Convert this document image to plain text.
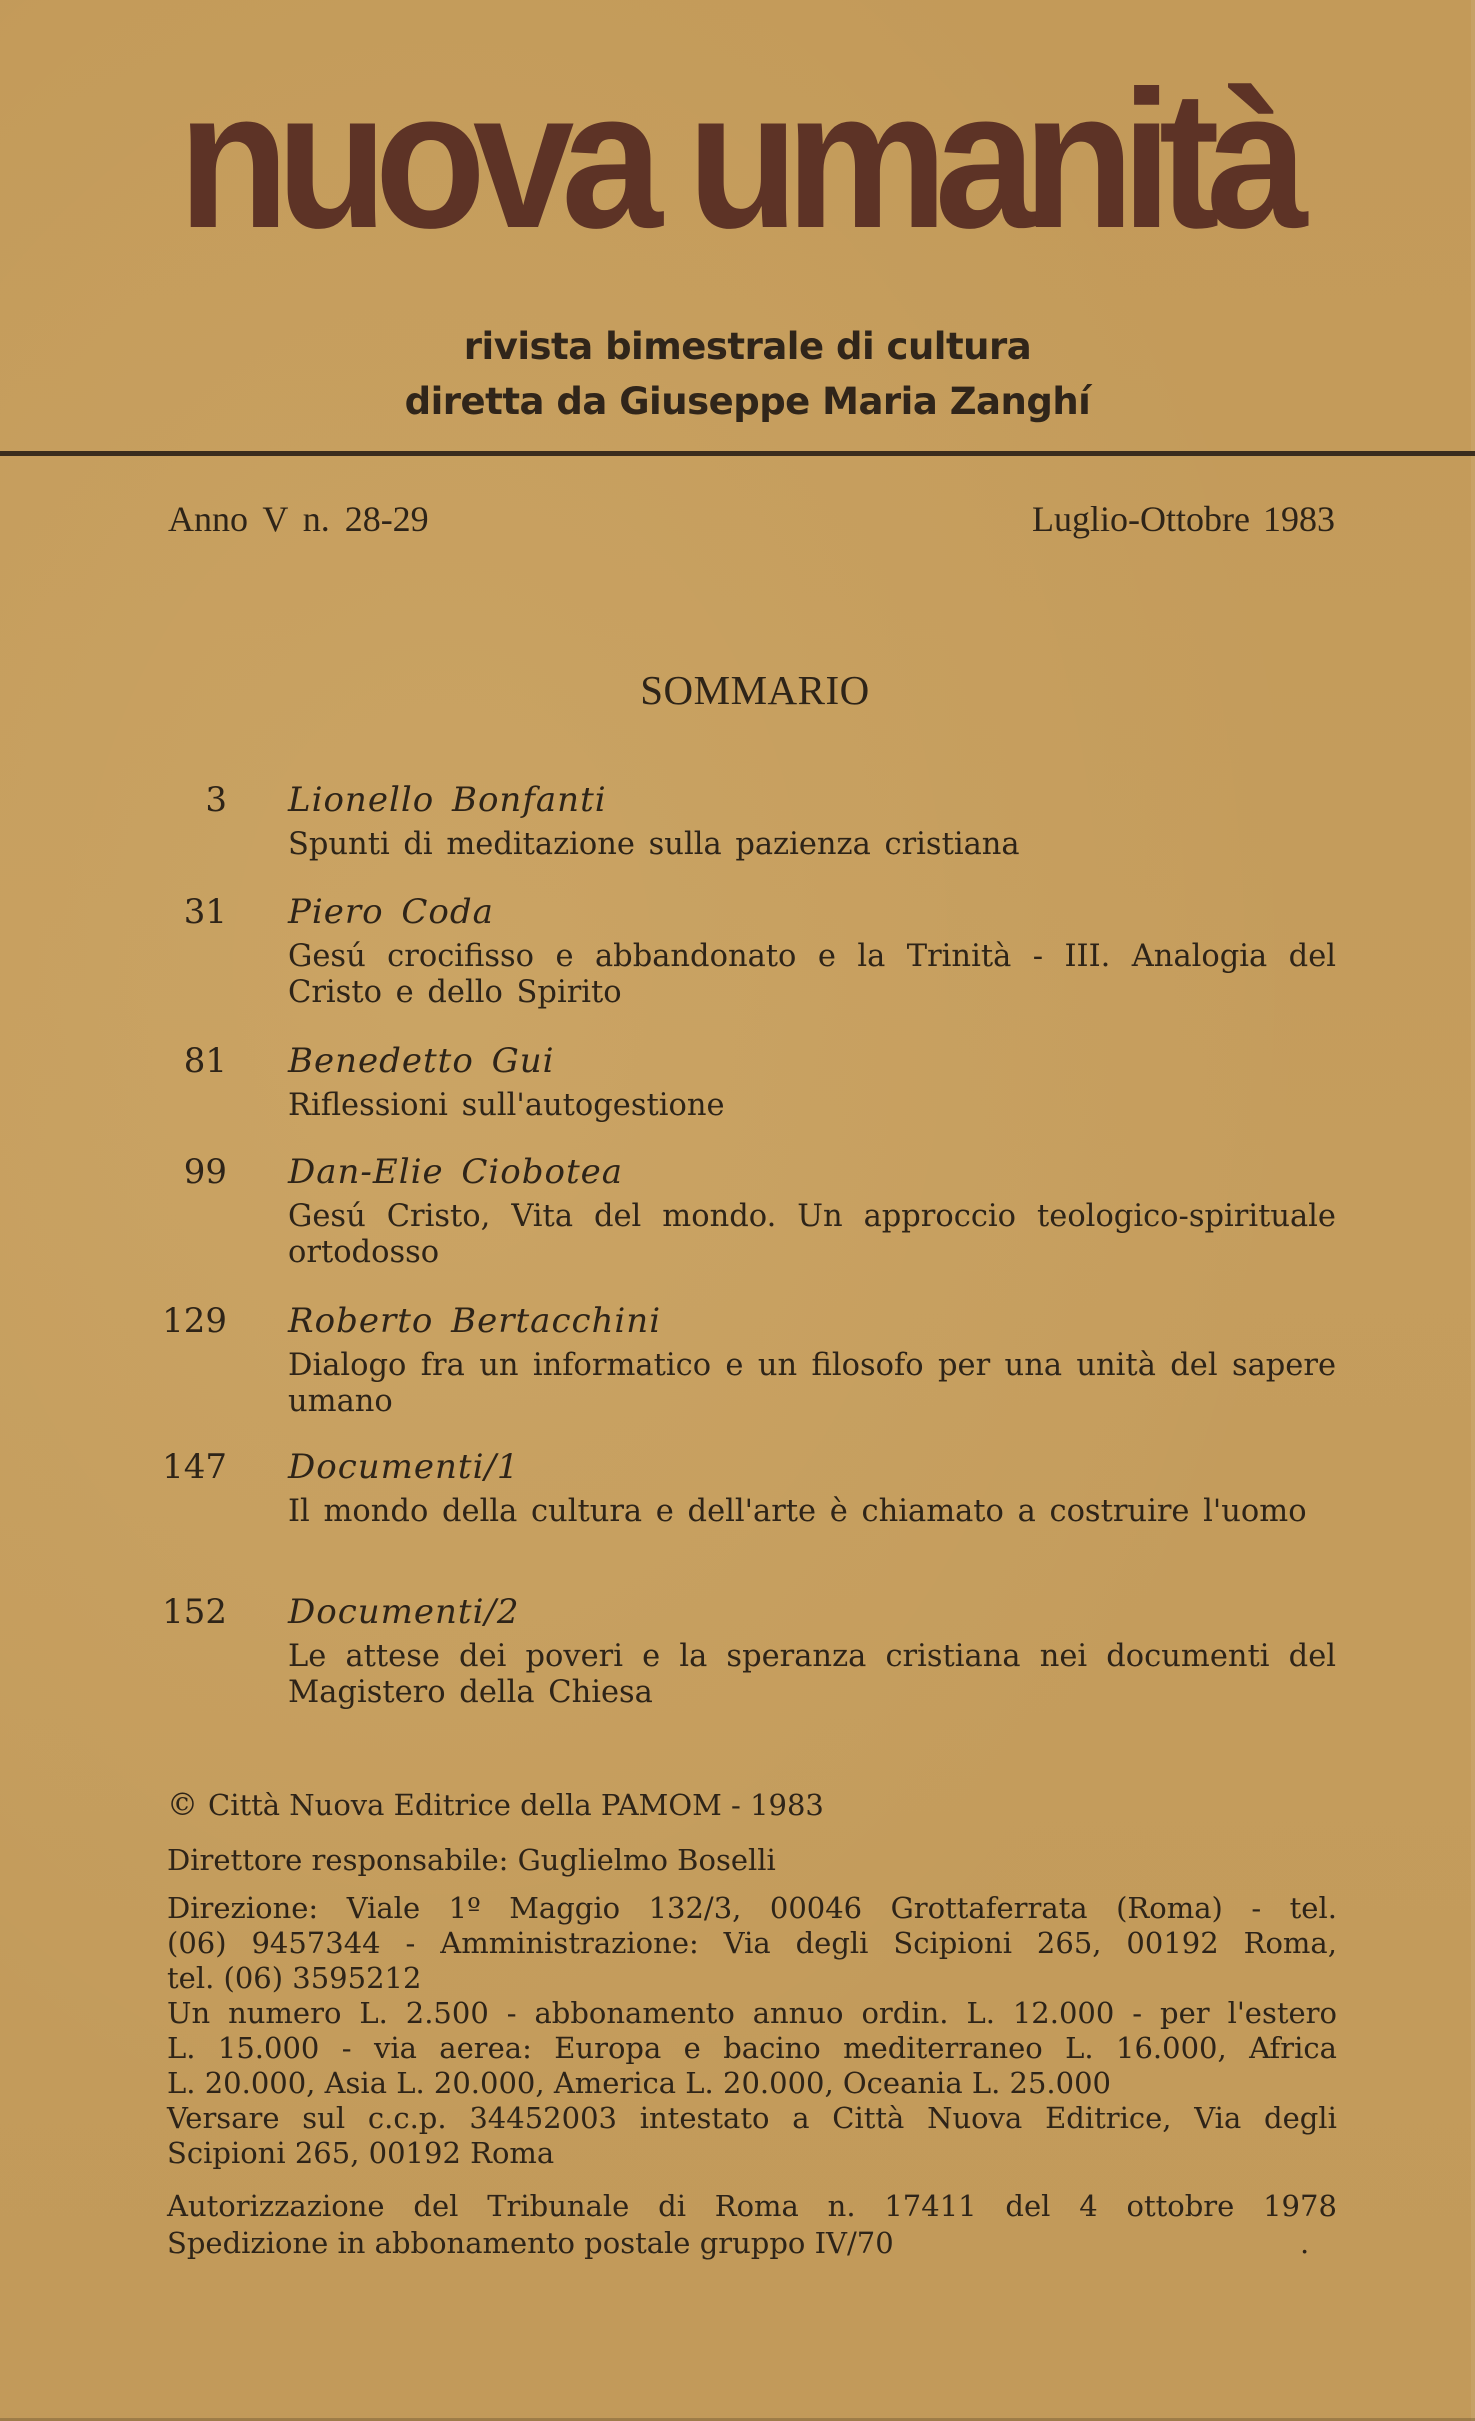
nuova umanità
rivista bimestrale di cultura
diretta da Giuseppe Maria Zanghí
Anno V n. 28-29	Luglio-Ottobre 1983
SOMMARIO
3 Lionello Bonfanti
Spunti di meditazione sulla pazienza cristiana
31 Piero Coda
Gesú crocifisso e abbandonato e la Trinità - III. Analogia del Cristo e dello Spirito
81 Benedetto Gui
Riflessioni sull'autogestione
99 Dan-Elie Ciobotea
Gesú Cristo, Vita del mondo. Un approccio teologico-spirituale ortodosso
129 Roberto Bertacchini
Dialogo fra un informatico e un filosofo per una unità del sapere umano
147 Documenti/1
Il mondo della cultura e dell'arte è chiamato a costruire l'uomo
152 Documenti/2
Le attese dei poveri e la speranza cristiana nei documenti del Magistero della Chiesa
© Città Nuova Editrice della PAMOM - 1983
Direttore responsabile: Guglielmo Boselli
Direzione: Viale 1º Maggio 132/3, 00046 Grottaferrata (Roma) - tel.
(06) 9457344 - Amministrazione: Via degli Scipioni 265, 00192 Roma,
tel. (06) 3595212
Un numero L. 2.500 - abbonamento annuo ordin. L. 12.000 - per l'estero
L. 15.000 - via aerea: Europa e bacino mediterraneo L. 16.000, Africa
L. 20.000, Asia L. 20.000, America L. 20.000, Oceania L. 25.000
Versare sul c.c.p. 34452003 intestato a Città Nuova Editrice, Via degli
Scipioni 265, 00192 Roma
Autorizzazione del Tribunale di Roma n. 17411 del 4 ottobre 1978
Spedizione in abbonamento postale gruppo IV/70	.
